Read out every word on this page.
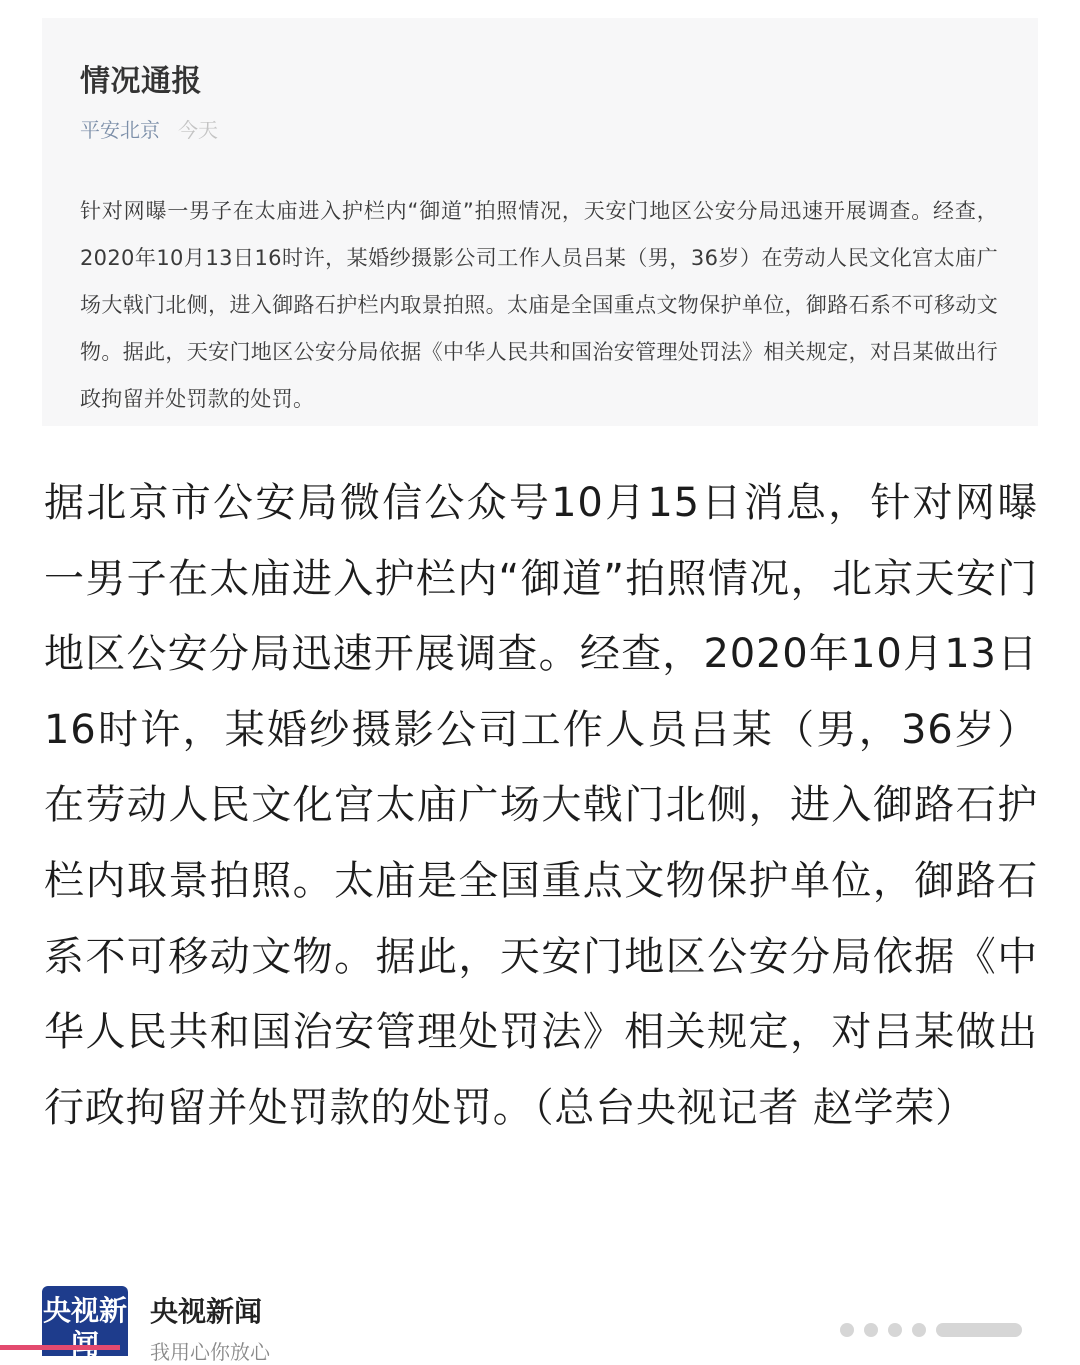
情况通报
平安北京 今天
针对网曝一男子在太庙进入护栏内“御道”拍照情况，天安门地区公安分局迅速开展调查。经查，2020年10月13日16时许，某婚纱摄影公司工作人员吕某（男，36岁）在劳动人民文化宫太庙广场大戟门北侧，进入御路石护栏内取景拍照。太庙是全国重点文物保护单位，御路石系不可移动文物。据此，天安门地区公安分局依据《中华人民共和国治安管理处罚法》相关规定，对吕某做出行政拘留并处罚款的处罚。
据北京市公安局微信公众号10月15日消息，针对网曝一男子在太庙进入护栏内“御道”拍照情况，北京天安门地区公安分局迅速开展调查。经查，2020年10月13日16时许，某婚纱摄影公司工作人员吕某（男，36岁）在劳动人民文化宫太庙广场大戟门北侧，进入御路石护栏内取景拍照。太庙是全国重点文物保护单位，御路石系不可移动文物。据此，天安门地区公安分局依据《中华人民共和国治安管理处罚法》相关规定，对吕某做出行政拘留并处罚款的处罚。（总台央视记者 赵学荣）
央视新 央视新闻
我用心你放心
